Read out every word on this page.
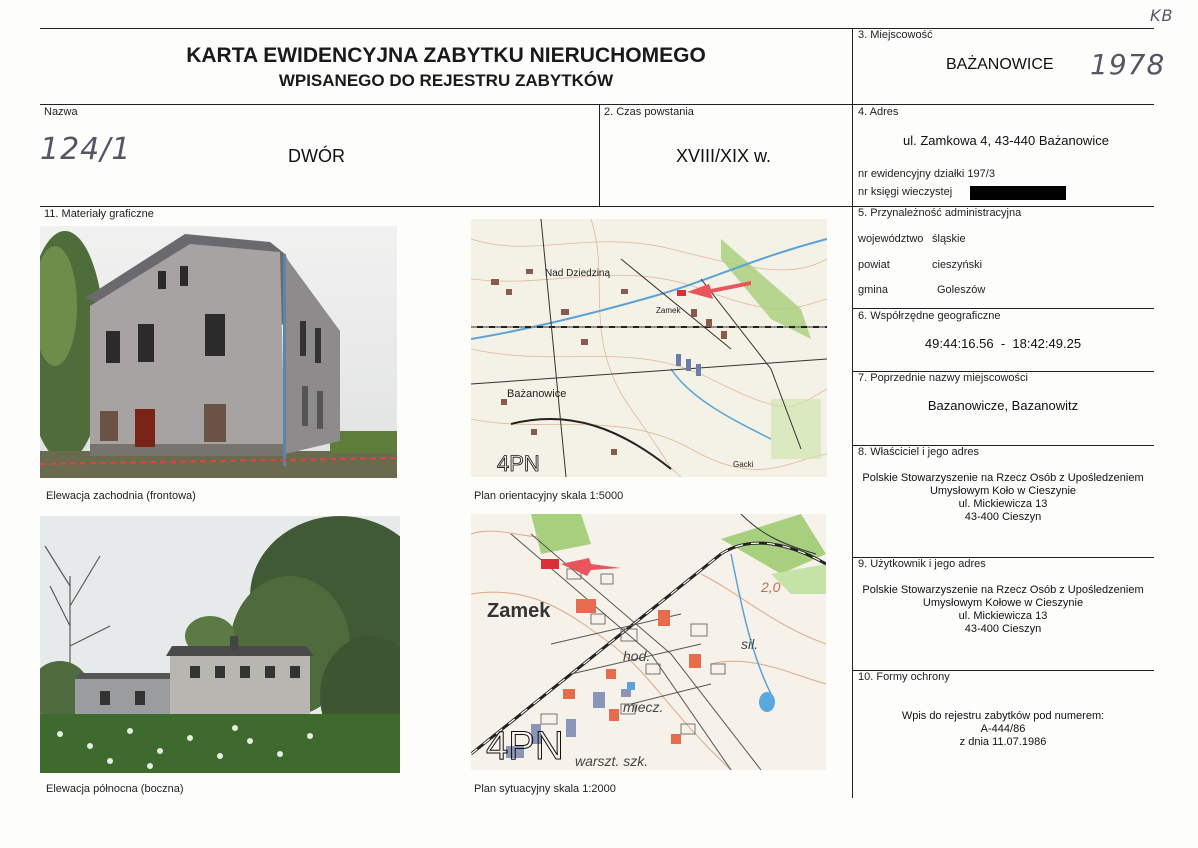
KARTA EWIDENCYJNA ZABYTKU NIERUCHOMEGO
WPISANEGO DO REJESTRU ZABYTKÓW
KB
1978
3. Miejscowość
BAŻANOWICE
Nazwa
124/1	DWÓR
2. Czas powstania
XVIII/XIX w.
4. Adres
ul. Zamkowa 4, 43-440 Bażanowice
nr ewidencyjny działki 197/3
nr księgi wieczystej
5. Przynależność administracyjna
województwo śląskie
powiat	cieszyński
gmina	Goleszów
6. Współrzędne geograficzne
49:44:16.56  -  18:42:49.25
7. Poprzednie nazwy miejscowości
Bazanowicze, Bazanowitz
8. Właściciel i jego adres
Polskie Stowarzyszenie na Rzecz Osób z Upośledzeniem
Umysłowym Koło w Cieszynie
ul. Mickiewicza 13
43-400 Cieszyn
9. Użytkownik i jego adres
Polskie Stowarzyszenie na Rzecz Osób z Upośledzeniem
Umysłowym Kołowe w Cieszynie
ul. Mickiewicza 13
43-400 Cieszyn
10. Formy ochrony
Wpis do rejestru zabytków pod numerem:
A-444/86
z dnia 11.07.1986
11. Materiały graficzne
Elewacja zachodnia (frontowa)
Nad Dziedziną
Zamek
Bażanowice
Gacki
4PN
Plan orientacyjny skala 1:5000
Elewacja północna (boczna)
Zamek
hod.
miecz.
warszt. szk.
sil.
2,0
4PN
Plan sytuacyjny skala 1:2000
